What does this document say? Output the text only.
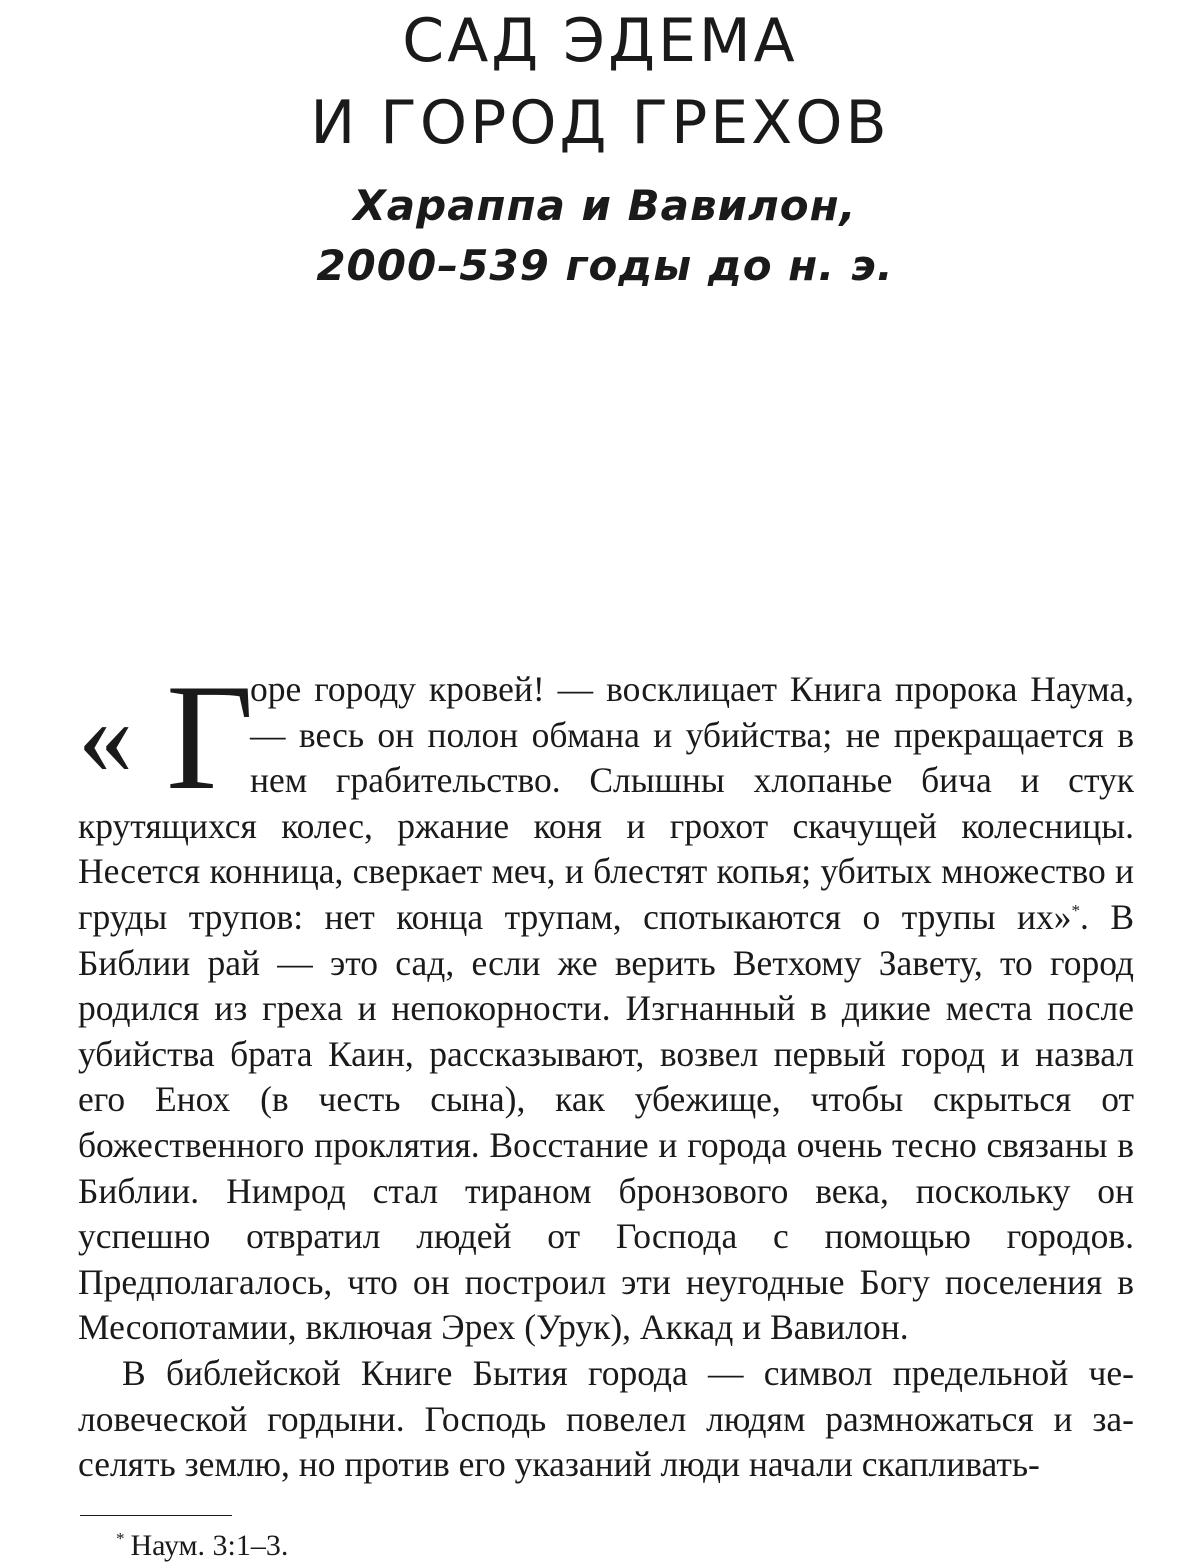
САД ЭДЕМА
И ГОРОД ГРЕХОВ
Хараппа и Вавилон,
2000–539 годы до н. э.

« Г
оре городу кровей! — восклицает Книга пророка Наума, — весь он полон обмана и убийства; не прекращается в нем грабительство. Слышны хлопанье бича и стук крутящихся колес, ржание коня и грохот скачущей колесницы. Несется конница, сверкает меч, и блестят копья; убитых множество и груды трупов: нет конца трупам, спотыкаются о трупы их»*. В Библии рай — это сад, если же верить Ветхому Завету, то город родился из греха и непокорности. Изгнанный в дикие места после убийства брата Каин, рассказывают, возвел первый город и назвал его Енох (в честь сына), как убежище, чтобы скрыться от божественного проклятия. Восстание и города очень тесно связаны в Библии. Нимрод стал тираном бронзового века, поскольку он успешно отвратил людей от Господа с помощью городов. Предполагалось, что он построил эти неугодные Богу поселения в Месопотамии, включая Эрех (Урук), Аккад и Вавилон.

В библейской Книге Бытия города — символ предельной человеческой гордыни. Господь повелел людям размножаться и заселять землю, но против его указаний люди начали скапливать-

* Наум. 3:1–3.
